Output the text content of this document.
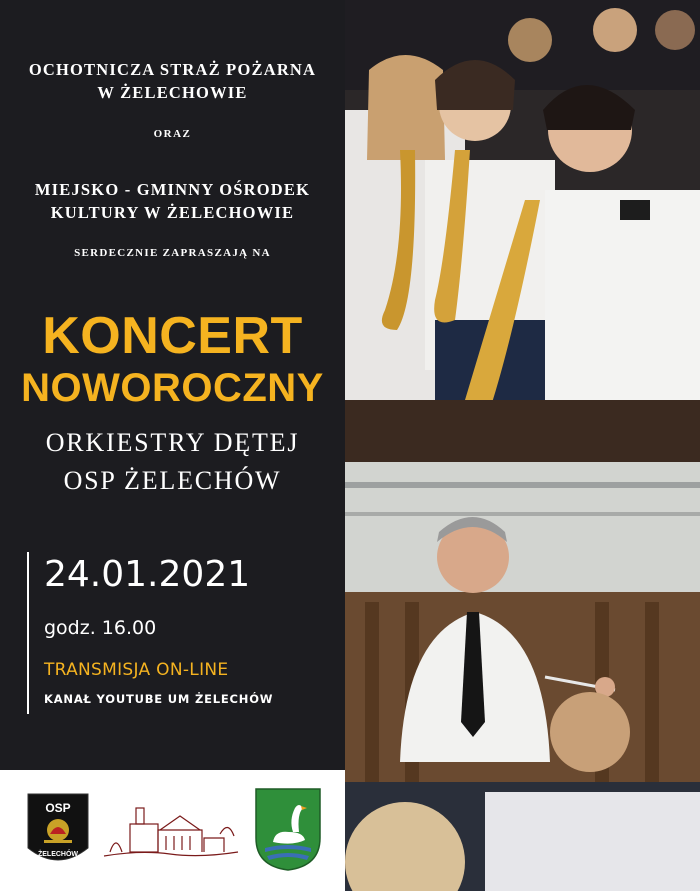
OCHOTNICZA STRAŻ POŻARNA
W ŻELECHOWIE
ORAZ
MIEJSKO - GMINNY OŚRODEK
KULTURY W ŻELECHOWIE
SERDECZNIE ZAPRASZAJĄ NA
KONCERT
NOWOROCZNY
ORKIESTRY DĘTEJ
OSP ŻELECHÓW
24.01.2021
godz. 16.00
TRANSMISJA ON-LINE
KANAŁ YOUTUBE UM ŻELECHÓW
OSP
ŻELECHÓW
